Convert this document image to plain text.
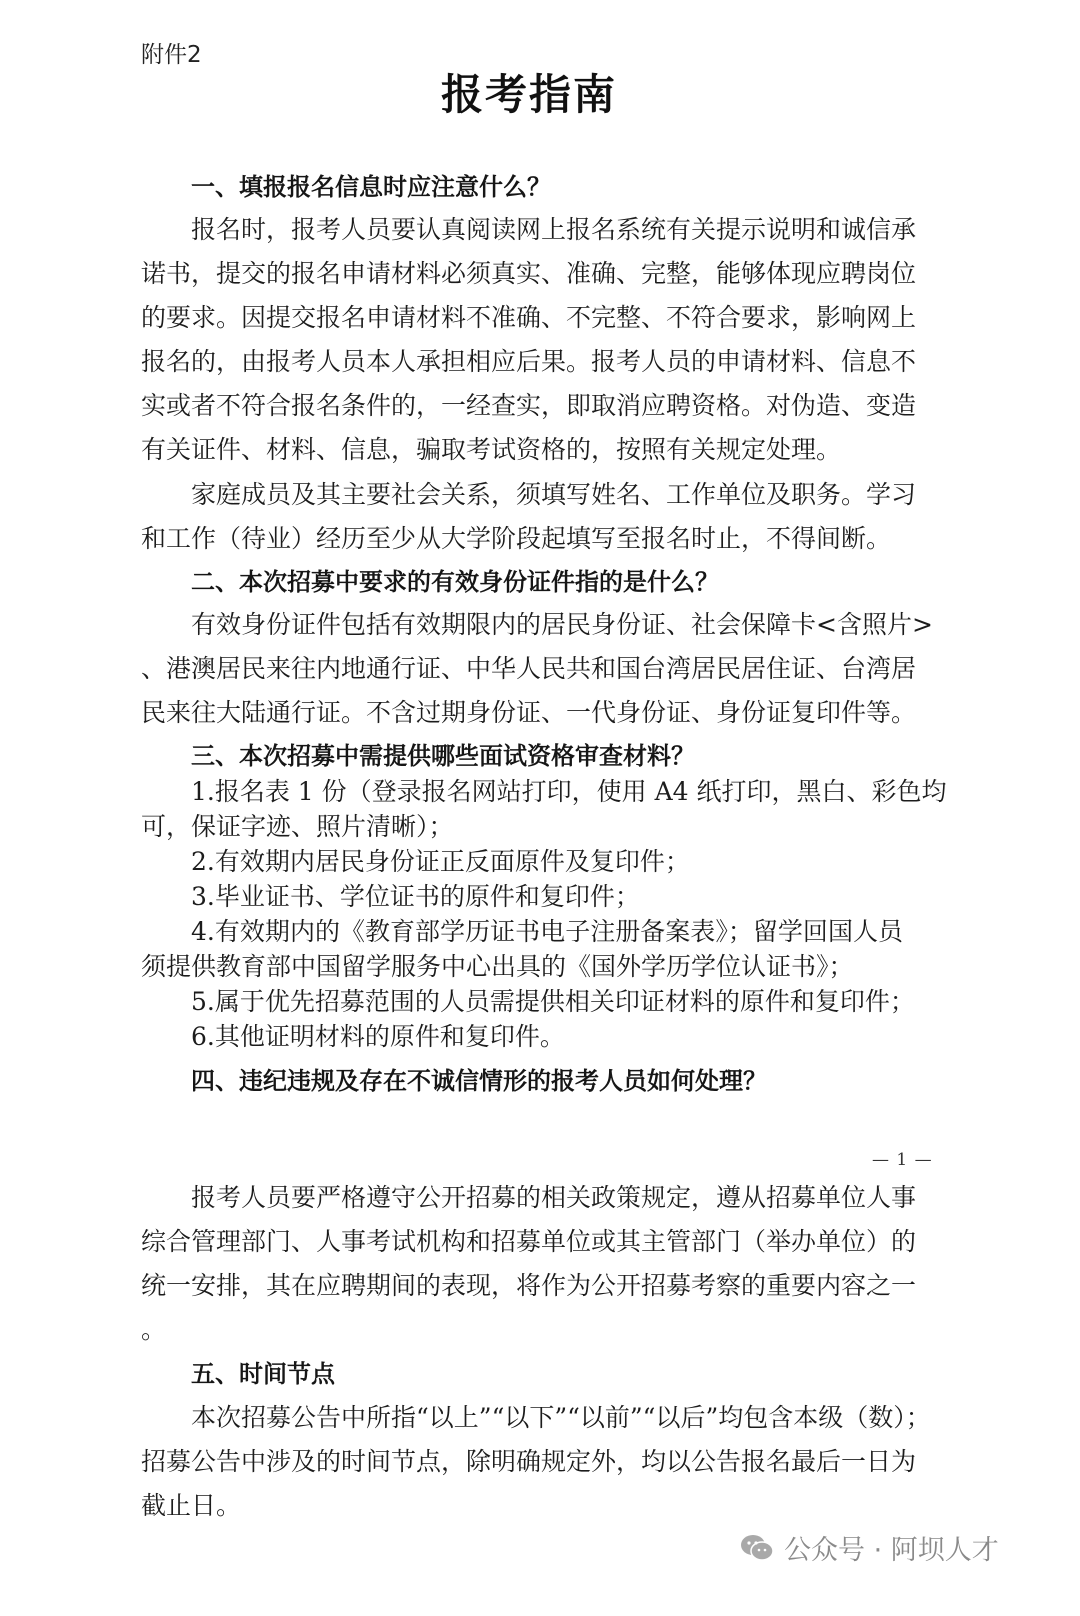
附件2
报考指南
一、填报报名信息时应注意什么？
报名时，报考人员要认真阅读网上报名系统有关提示说明和诚信承
诺书，提交的报名申请材料必须真实、准确、完整，能够体现应聘岗位
的要求。因提交报名申请材料不准确、不完整、不符合要求，影响网上
报名的，由报考人员本人承担相应后果。报考人员的申请材料、信息不
实或者不符合报名条件的，一经查实，即取消应聘资格。对伪造、变造
有关证件、材料、信息，骗取考试资格的，按照有关规定处理。
家庭成员及其主要社会关系，须填写姓名、工作单位及职务。学习
和工作（待业）经历至少从大学阶段起填写至报名时止，不得间断。
二、本次招募中要求的有效身份证件指的是什么？
有效身份证件包括有效期限内的居民身份证、社会保障卡<含照片>
、港澳居民来往内地通行证、中华人民共和国台湾居民居住证、台湾居
民来往大陆通行证。不含过期身份证、一代身份证、身份证复印件等。
三、本次招募中需提供哪些面试资格审查材料？
1.报名表 1 份（登录报名网站打印，使用 A4 纸打印，黑白、彩色均
可，保证字迹、照片清晰）；
2.有效期内居民身份证正反面原件及复印件；
3.毕业证书、学位证书的原件和复印件；
4.有效期内的《教育部学历证书电子注册备案表》；留学回国人员
须提供教育部中国留学服务中心出具的《国外学历学位认证书》；
5.属于优先招募范围的人员需提供相关印证材料的原件和复印件；
6.其他证明材料的原件和复印件。
四、违纪违规及存在不诚信情形的报考人员如何处理？
— 1 —
报考人员要严格遵守公开招募的相关政策规定，遵从招募单位人事
综合管理部门、人事考试机构和招募单位或其主管部门（举办单位）的
统一安排，其在应聘期间的表现，将作为公开招募考察的重要内容之一
。
五、时间节点
本次招募公告中所指“以上”“以下”“以前”“以后”均包含本级（数）；
招募公告中涉及的时间节点，除明确规定外，均以公告报名最后一日为
截止日。
公众号 · 阿坝人才
